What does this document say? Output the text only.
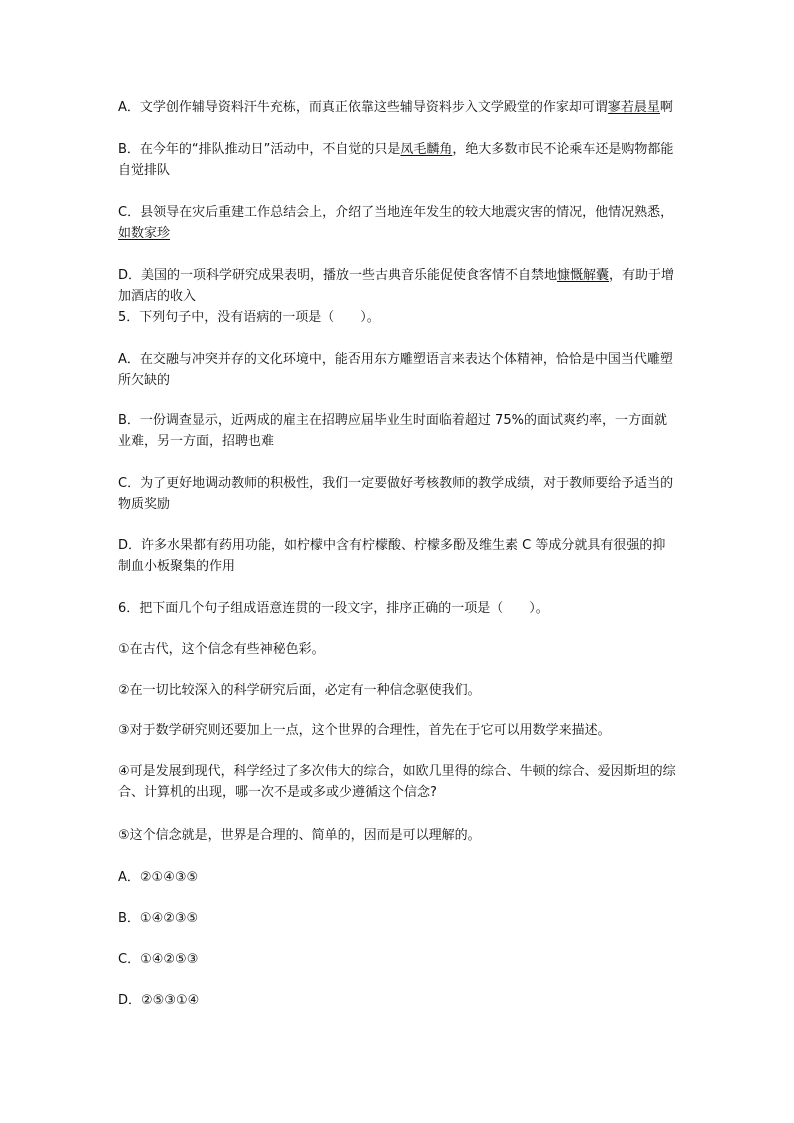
A．文学创作辅导资料汗牛充栋，而真正依靠这些辅导资料步入文学殿堂的作家却可谓寥若晨星啊

B．在今年的“排队推动日”活动中，不自觉的只是凤毛麟角，绝大多数市民不论乘车还是购物都能自觉排队

C．县领导在灾后重建工作总结会上，介绍了当地连年发生的较大地震灾害的情况，他情况熟悉，如数家珍

D．美国的一项科学研究成果表明，播放一些古典音乐能促使食客情不自禁地慷慨解囊，有助于增加酒店的收入

5．下列句子中，没有语病的一项是（　　）。

A．在交融与冲突并存的文化环境中，能否用东方雕塑语言来表达个体精神，恰恰是中国当代雕塑所欠缺的

B．一份调查显示，近两成的雇主在招聘应届毕业生时面临着超过 75%的面试爽约率，一方面就业难，另一方面，招聘也难

C．为了更好地调动教师的积极性，我们一定要做好考核教师的教学成绩，对于教师要给予适当的物质奖励

D．许多水果都有药用功能，如柠檬中含有柠檬酸、柠檬多酚及维生素 C 等成分就具有很强的抑制血小板聚集的作用

6．把下面几个句子组成语意连贯的一段文字，排序正确的一项是（　　）。

①在古代，这个信念有些神秘色彩。

②在一切比较深入的科学研究后面，必定有一种信念驱使我们。

③对于数学研究则还要加上一点，这个世界的合理性，首先在于它可以用数学来描述。

④可是发展到现代，科学经过了多次伟大的综合，如欧几里得的综合、牛顿的综合、爱因斯坦的综合、计算机的出现，哪一次不是或多或少遵循这个信念?

⑤这个信念就是，世界是合理的、简单的，因而是可以理解的。

A．②①④③⑤

B．①④②③⑤

C．①④②⑤③

D．②⑤③①④
